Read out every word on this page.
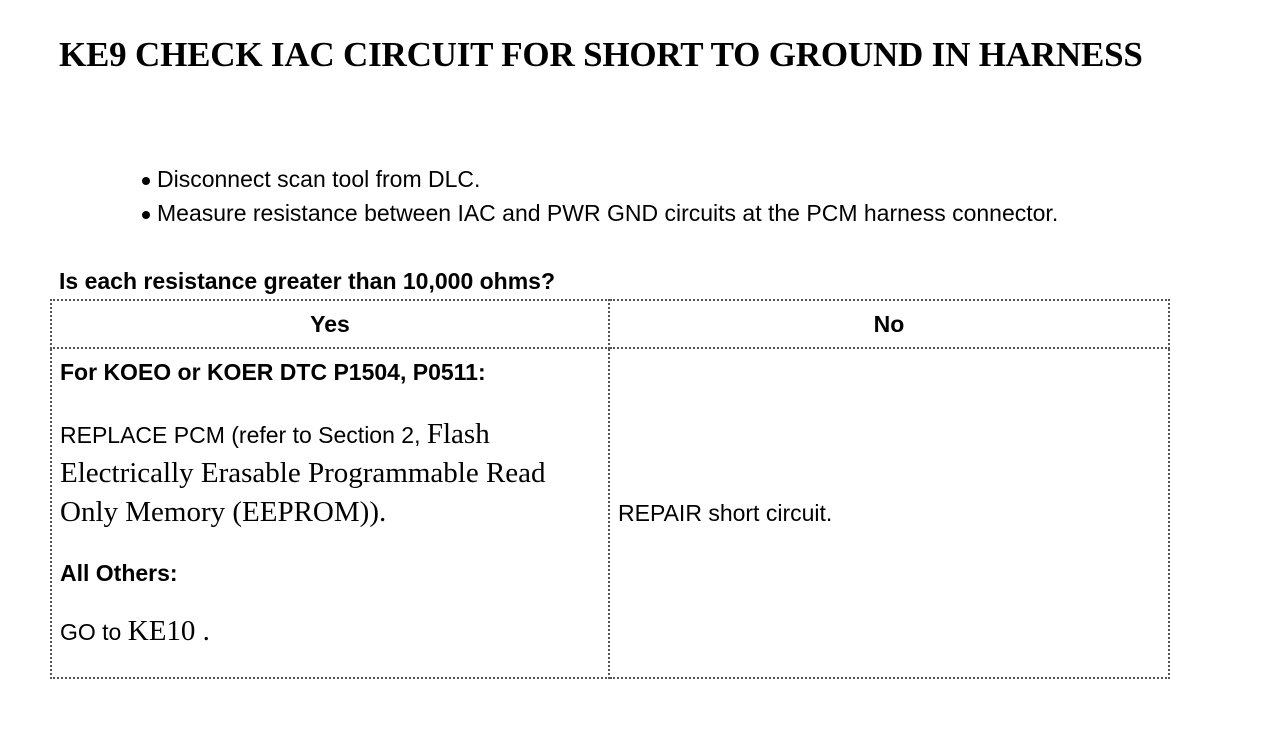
KE9 CHECK IAC CIRCUIT FOR SHORT TO GROUND IN HARNESS
Disconnect scan tool from DLC.
Measure resistance between IAC and PWR GND circuits at the PCM harness connector.

Is each resistance greater than 10,000 ohms?

Yes	No

For KOEO or KOER DTC P1504, P0511:

REPLACE PCM (refer to Section 2, Flash Electrically Erasable Programmable Read Only Memory (EEPROM)).

All Others:

GO to KE10 .	REPAIR short circuit.
